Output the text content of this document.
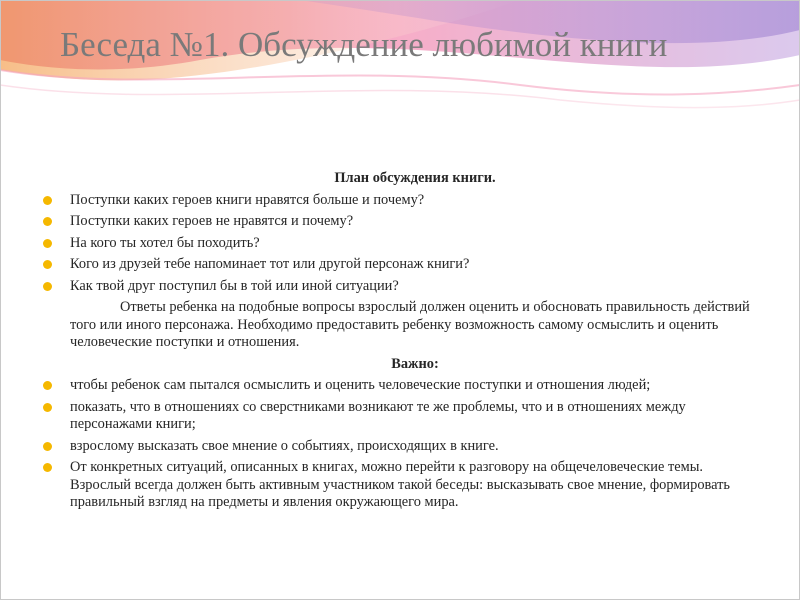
Беседа №1. Обсуждение любимой книги
План обсуждения книги.
Поступки каких героев книги нравятся больше и почему?
Поступки каких героев не нравятся и почему?
На кого ты хотел бы походить?
Кого из друзей тебе напоминает тот или другой персонаж книги?
Как твой друг поступил бы в той или иной ситуации?

Ответы ребенка на подобные вопросы взрослый должен оценить и обосновать правильность действий того или иного персонажа. Необходимо предоставить ребенку возможность самому осмыслить и оценить человеческие поступки и отношения.

Важно:
чтобы ребенок сам пытался осмыслить и оценить человеческие поступки и отношения людей;
показать, что в отношениях со сверстниками возникают те же проблемы, что и в отношениях между персонажами книги;
взрослому высказать свое мнение о событиях, происходящих в книге.
От конкретных ситуаций, описанных в книгах, можно перейти к разговору на общечеловеческие темы. Взрослый всегда должен быть активным участником такой беседы: высказывать свое мнение, формировать правильный взгляд на предметы и явления окружающего мира.
